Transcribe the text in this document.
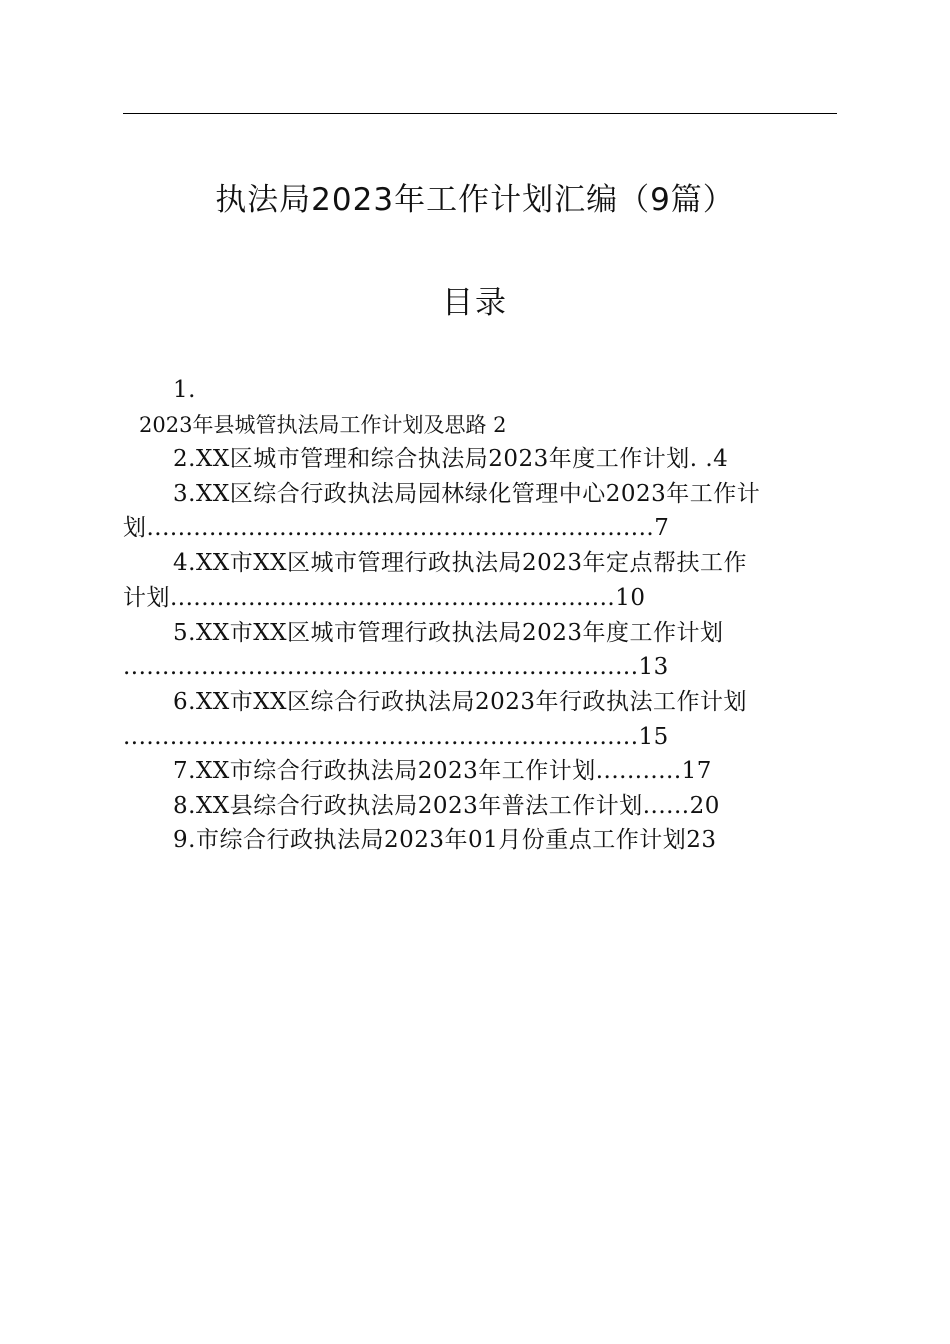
执法局2023年工作计划汇编（9篇）
目录
1.
2023年县城管执法局工作计划及思路 2
2.XX区城市管理和综合执法局2023年度工作计划. .4
3.XX区综合行政执法局园林绿化管理中心2023年工作计
划.................................................................7
4.XX市XX区城市管理行政执法局2023年定点帮扶工作
计划.........................................................10
5.XX市XX区城市管理行政执法局2023年度工作计划
..................................................................13
6.XX市XX区综合行政执法局2023年行政执法工作计划
..................................................................15
7.XX市综合行政执法局2023年工作计划...........17
8.XX县综合行政执法局2023年普法工作计划......20
9.市综合行政执法局2023年01月份重点工作计划23
